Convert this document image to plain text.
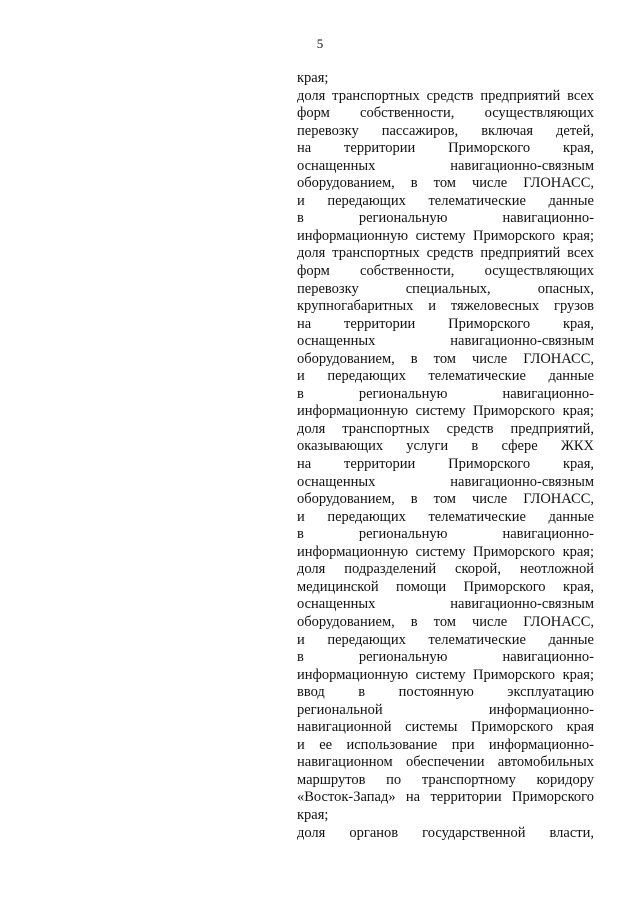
5
края;
доля транспортных средств предприятий всех
форм собственности, осуществляющих
перевозку пассажиров, включая детей,
на территории Приморского края,
оснащенных навигационно-связным
оборудованием, в том числе ГЛОНАСС,
и передающих телематические данные
в региональную навигационно-
информационную систему Приморского края;
доля транспортных средств предприятий всех
форм собственности, осуществляющих
перевозку специальных, опасных,
крупногабаритных и тяжеловесных грузов
на территории Приморского края,
оснащенных навигационно-связным
оборудованием, в том числе ГЛОНАСС,
и передающих телематические данные
в региональную навигационно-
информационную систему Приморского края;
доля транспортных средств предприятий,
оказывающих услуги в сфере ЖКХ
на территории Приморского края,
оснащенных навигационно-связным
оборудованием, в том числе ГЛОНАСС,
и передающих телематические данные
в региональную навигационно-
информационную систему Приморского края;
доля подразделений скорой, неотложной
медицинской помощи Приморского края,
оснащенных навигационно-связным
оборудованием, в том числе ГЛОНАСС,
и передающих телематические данные
в региональную навигационно-
информационную систему Приморского края;
ввод в постоянную эксплуатацию
региональной информационно-
навигационной системы Приморского края
и ее использование при информационно-
навигационном обеспечении автомобильных
маршрутов по транспортному коридору
«Восток-Запад» на территории Приморского
края;
доля органов государственной власти,
